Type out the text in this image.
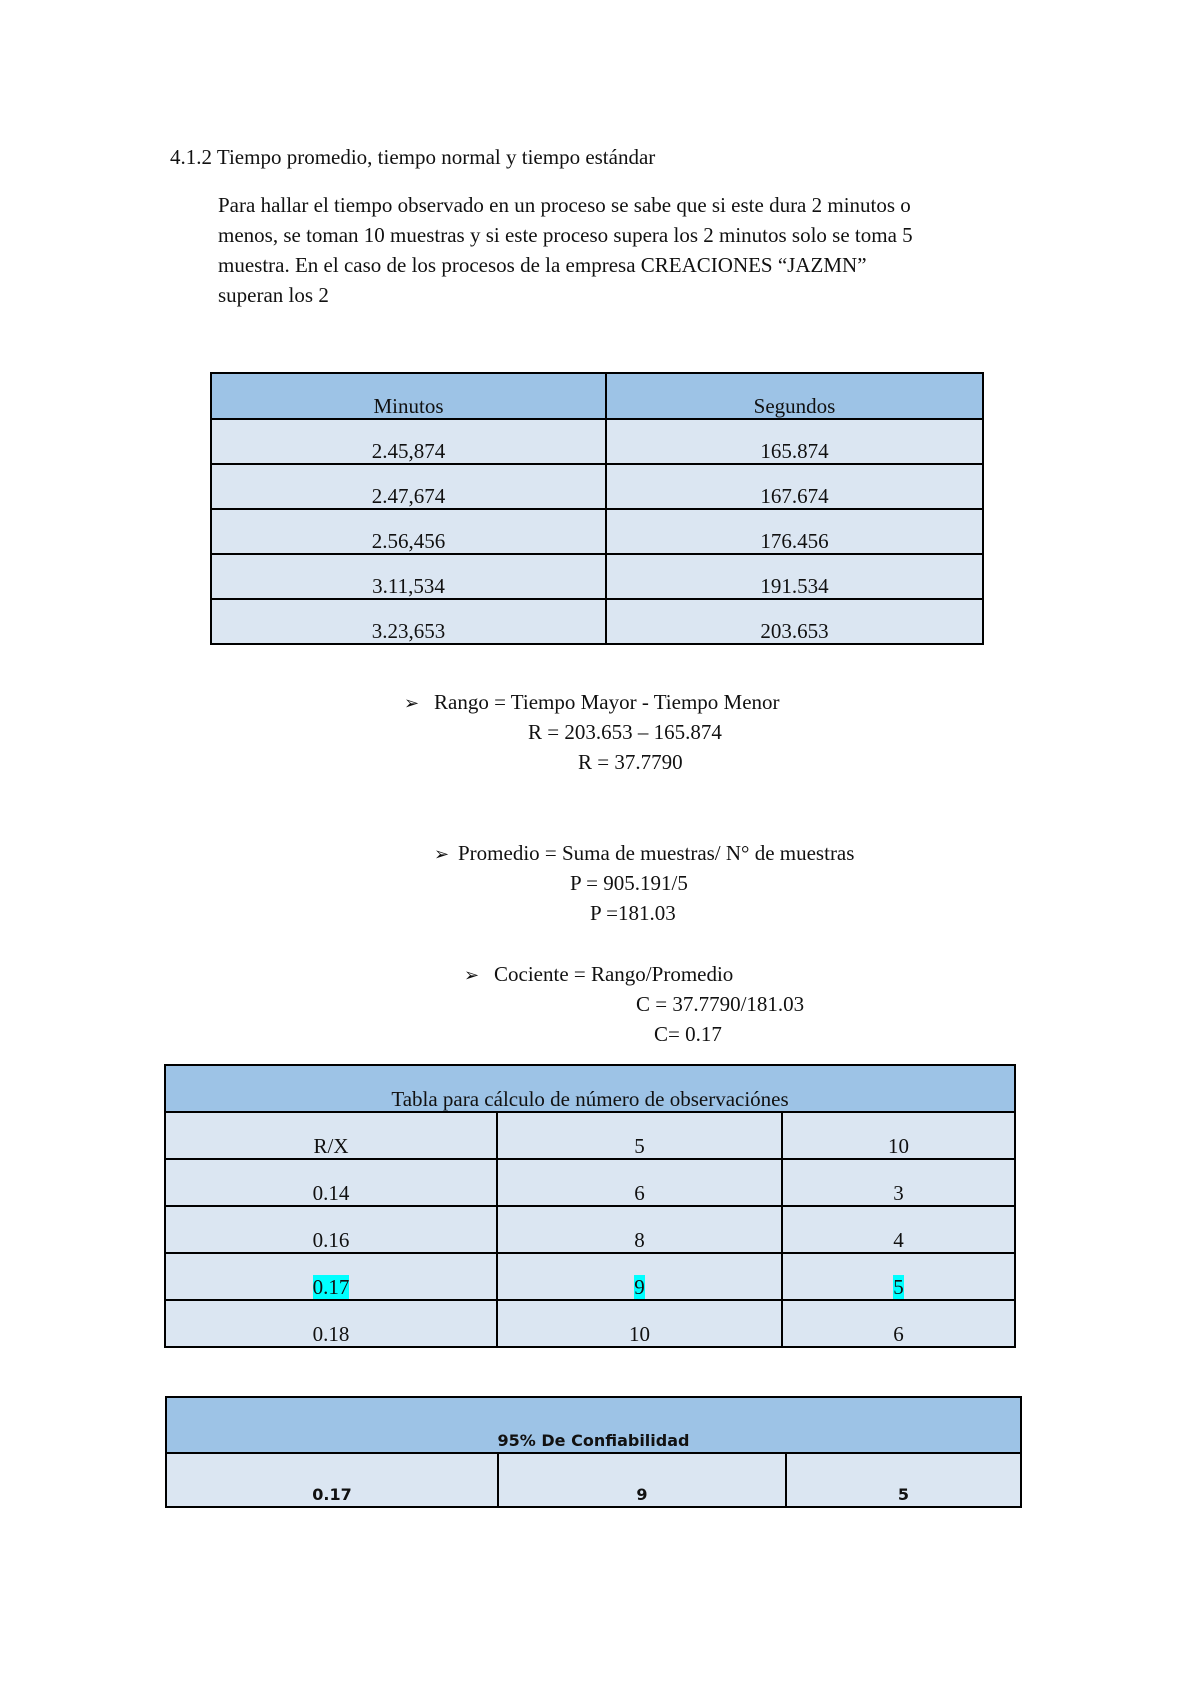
4.1.2 Tiempo promedio, tiempo normal y tiempo estándar
Para hallar el tiempo observado en un proceso se sabe que si este dura 2 minutos o
menos, se toman 10 muestras y si este proceso supera los 2 minutos solo se toma 5
muestra. En el caso de los procesos de la empresa CREACIONES “JAZMN”
superan los 2
Minutos	Segundos
2.45,874	165.874
2.47,674	167.674
2.56,456	176.456
3.11,534	191.534
3.23,653	203.653
➢ Rango = Tiempo Mayor - Tiempo Menor
R = 203.653 – 165.874
R = 37.7790
➢ Promedio = Suma de muestras/ N° de muestras
P = 905.191/5
P =181.03
➢ Cociente = Rango/Promedio
C = 37.7790/181.03
C= 0.17
Tabla para cálculo de número de observaciónes		
R/X	5	10
0.14	6	3
0.16	8	4
0.17	9	5
0.18	10	6
95% De Confiabilidad
0.17	9	5
